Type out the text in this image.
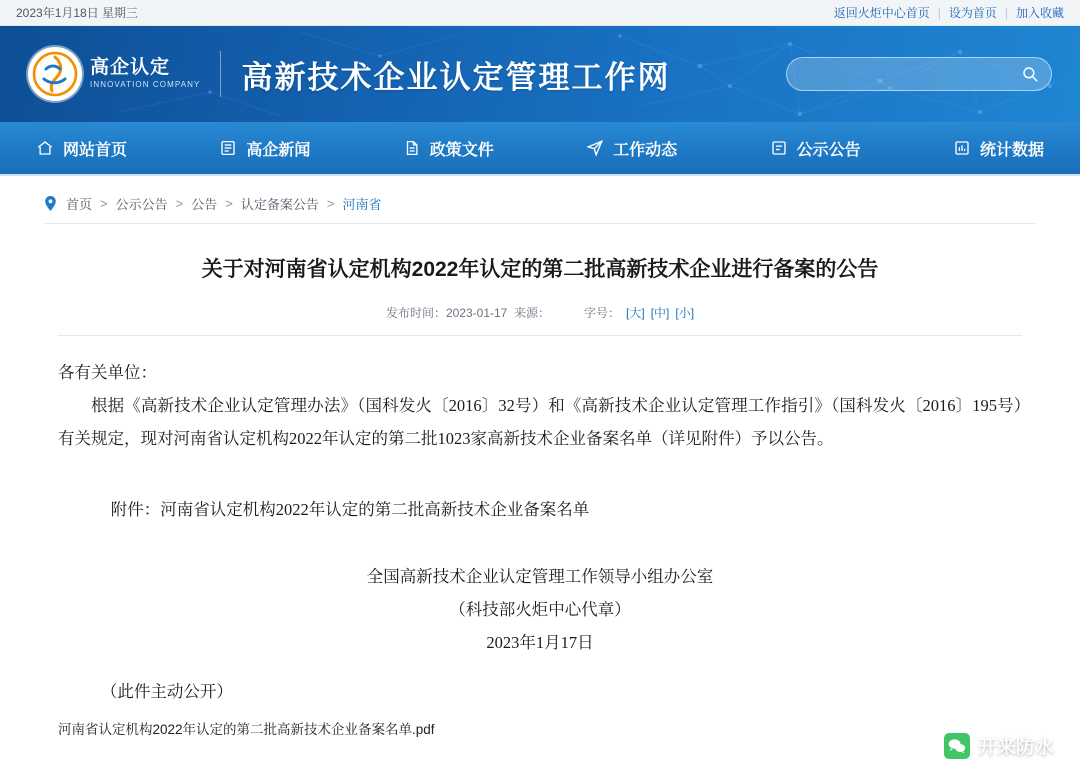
2023年1月18日 星期三	返回火炬中心首页 | 设为首页 | 加入收藏
高企认定
INNOVATION COMPANY 高新技术企业认定管理工作网
网站首页	高企新闻	政策文件	工作动态	公示公告	统计数据
首页 > 公示公告 > 公告 > 认定备案公告 > 河南省
关于对河南省认定机构2022年认定的第二批高新技术企业进行备案的公告
发布时间：2023-01-17 来源：	字号： [大] [中] [小]

各有关单位：

根据《高新技术企业认定管理办法》（国科发火〔2016〕32号）和《高新技术企业认定管理工作指引》（国科发火〔2016〕195号）有关规定，现对河南省认定机构2022年认定的第二批1023家高新技术企业备案名单（详见附件）予以公告。

附件：河南省认定机构2022年认定的第二批高新技术企业备案名单

全国高新技术企业认定管理工作领导小组办公室

（科技部火炬中心代章）

2023年1月17日

（此件主动公开）

河南省认定机构2022年认定的第二批高新技术企业备案名单.pdf
开来防水
